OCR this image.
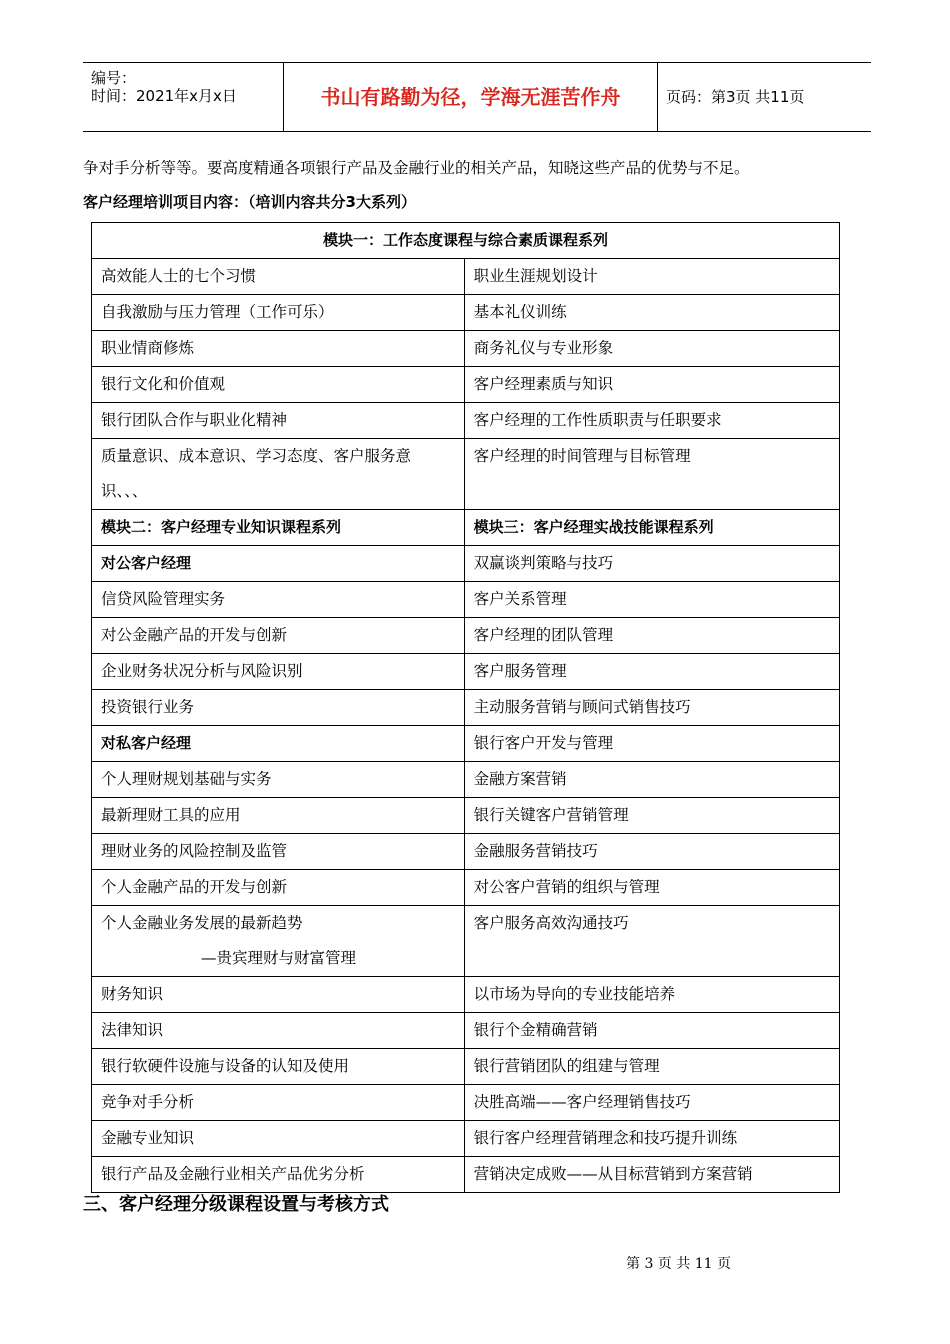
编号：
时间：2021年x月x日	书山有路勤为径，学海无涯苦作舟	页码：第3页 共11页
争对手分析等等。要高度精通各项银行产品及金融行业的相关产品，知晓这些产品的优势与不足。
客户经理培训项目内容：（培训内容共分3大系列）
模块一：工作态度课程与综合素质课程系列	
高效能人士的七个习惯	职业生涯规划设计
自我激励与压力管理（工作可乐）	基本礼仪训练
职业情商修炼	商务礼仪与专业形象
银行文化和价值观	客户经理素质与知识
银行团队合作与职业化精神	客户经理的工作性质职责与任职要求

质量意识、成本意识、学习态度、客户服务意
识、、、	客户经理的时间管理与目标管理
模块二：客户经理专业知识课程系列	模块三：客户经理实战技能课程系列
对公客户经理	双赢谈判策略与技巧
信贷风险管理实务	客户关系管理
对公金融产品的开发与创新	客户经理的团队管理
企业财务状况分析与风险识别	客户服务管理
投资银行业务	主动服务营销与顾问式销售技巧
对私客户经理	银行客户开发与管理
个人理财规划基础与实务	金融方案营销
最新理财工具的应用	银行关键客户营销管理
理财业务的风险控制及监管	金融服务营销技巧
个人金融产品的开发与创新	对公客户营销的组织与管理

个人金融业务发展的最新趋势
—贵宾理财与财富管理	客户服务高效沟通技巧
财务知识	以市场为导向的专业技能培养
法律知识	银行个金精确营销
银行软硬件设施与设备的认知及使用	银行营销团队的组建与管理
竞争对手分析	决胜高端——客户经理销售技巧
金融专业知识	银行客户经理营销理念和技巧提升训练
银行产品及金融行业相关产品优劣分析	营销决定成败——从目标营销到方案营销
三、客户经理分级课程设置与考核方式
第 3 页 共 11 页
